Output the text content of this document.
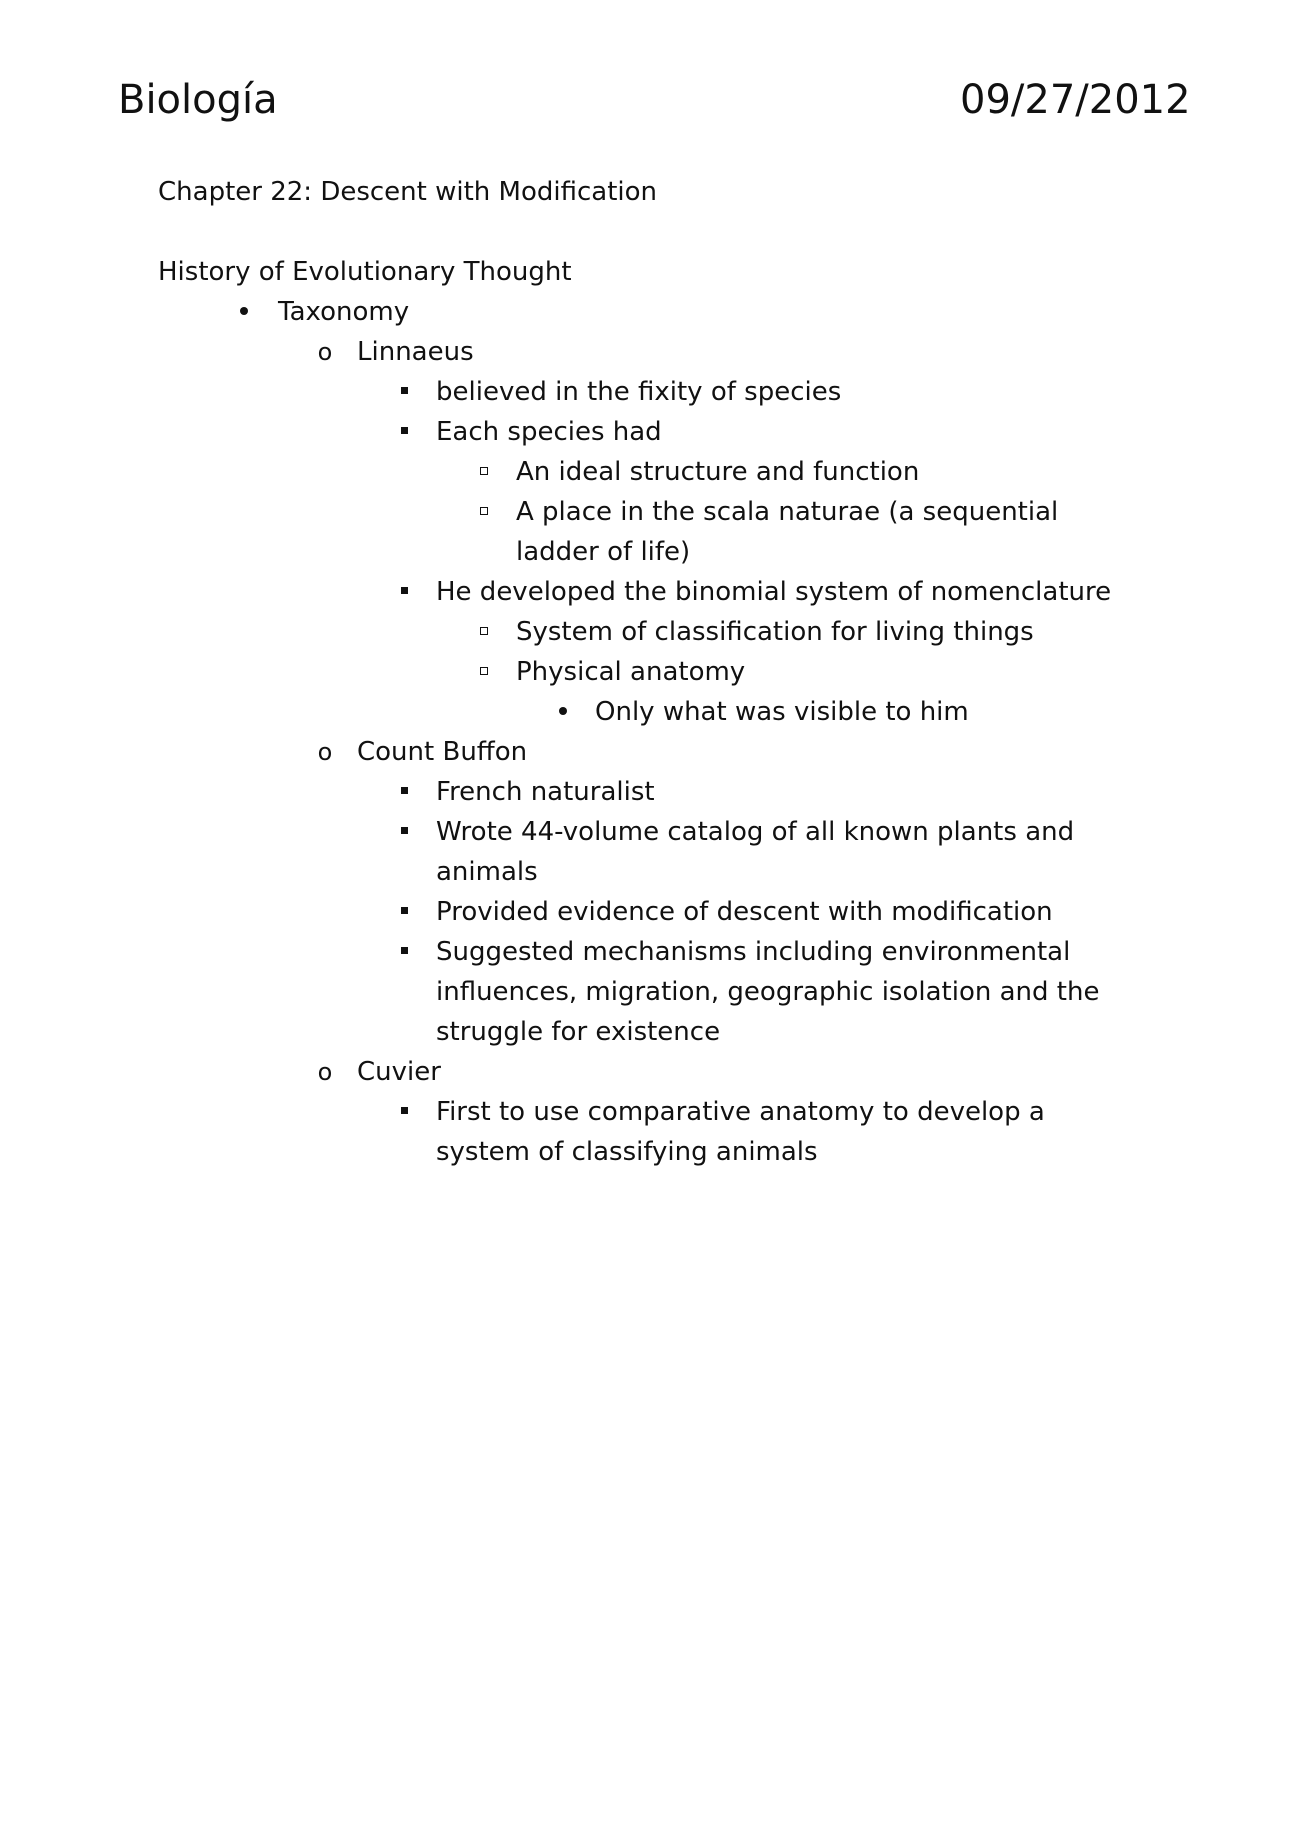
Biología	09/27/2012
Chapter 22: Descent with Modification
History of Evolutionary Thought
Taxonomy
o Linnaeus
believed in the fixity of species
Each species had
An ideal structure and function
A place in the scala naturae (a sequential ladder of life)
He developed the binomial system of nomenclature
System of classification for living things
Physical anatomy
Only what was visible to him
o Count Buffon
French naturalist
Wrote 44-volume catalog of all known plants and animals
Provided evidence of descent with modification
Suggested mechanisms including environmental influences, migration, geographic isolation and the struggle for existence
o Cuvier
First to use comparative anatomy to develop a system of classifying animals
